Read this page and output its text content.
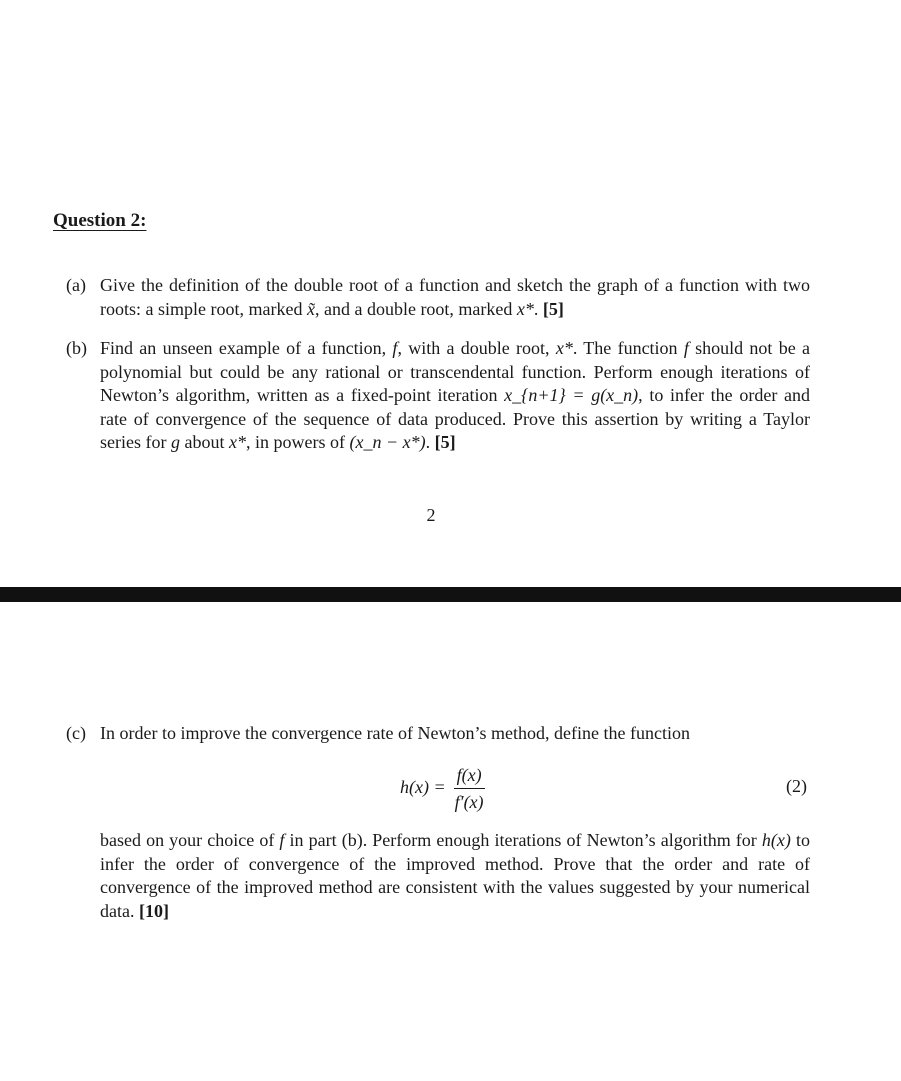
Question 2:
(a) Give the definition of the double root of a function and sketch the graph of a function with two roots: a simple root, marked x̃, and a double root, marked x*. [5]
(b) Find an unseen example of a function, f, with a double root, x*. The function f should not be a polynomial but could be any rational or transcendental function. Perform enough iterations of Newton’s algorithm, written as a fixed-point iteration x_{n+1} = g(x_n), to infer the order and rate of convergence of the sequence of data produced. Prove this assertion by writing a Taylor series for g about x*, in powers of (x_n − x*). [5]
2
(c) In order to improve the convergence rate of Newton’s method, define the function
$h(x) = \frac{f(x)}{f'(x)}$	(2)
based on your choice of f in part (b). Perform enough iterations of Newton’s algorithm for h(x) to infer the order of convergence of the improved method. Prove that the order and rate of convergence of the improved method are consistent with the values suggested by your numerical data. [10]
